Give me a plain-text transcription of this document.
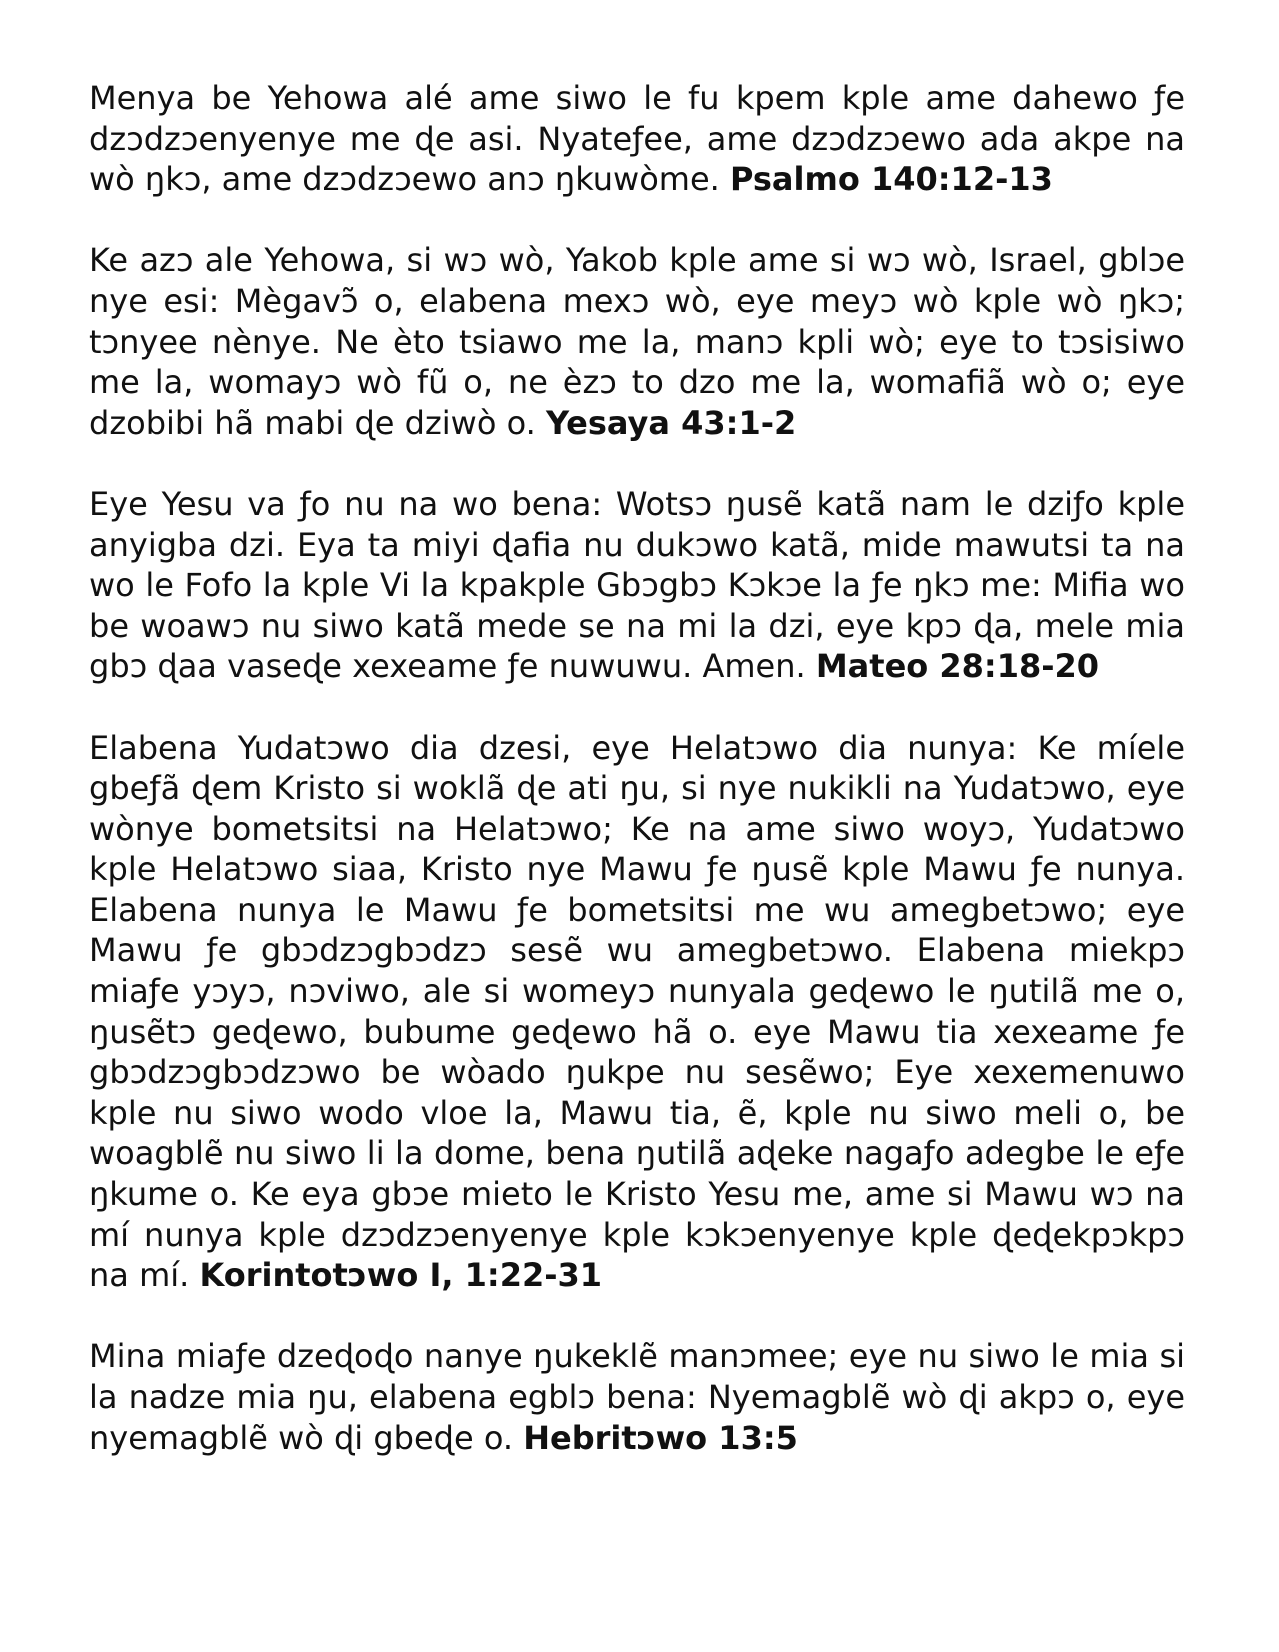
Menya be Yehowa alé ame siwo le fu kpem kple ame dahewo ƒe dzɔdzɔenyenye me ɖe asi. Nyateƒee, ame dzɔdzɔewo ada akpe na wò ŋkɔ, ame dzɔdzɔewo anɔ ŋkuwòme. Psalmo 140:12-13

Ke azɔ ale Yehowa, si wɔ wò, Yakob kple ame si wɔ wò, Israel, gblɔe nye esi: Mègavɔ̃ o, elabena mexɔ wò, eye meyɔ wò kple wò ŋkɔ; tɔnyee nènye. Ne èto tsiawo me la, manɔ kpli wò; eye to tɔsisiwo me la, womayɔ wò fũ o, ne èzɔ to dzo me la, womafiã wò o; eye dzobibi hã mabi ɖe dziwò o. Yesaya 43:1-2

Eye Yesu va ƒo nu na wo bena: Wotsɔ ŋusẽ katã nam le dziƒo kple anyigba dzi. Eya ta miyi ɖafia nu dukɔwo katã, mide mawutsi ta na wo le Fofo la kple Vi la kpakple Gbɔgbɔ Kɔkɔe la ƒe ŋkɔ me: Mifia wo be woawɔ nu siwo katã mede se na mi la dzi, eye kpɔ ɖa, mele mia gbɔ ɖaa vaseɖe xexeame ƒe nuwuwu. Amen. Mateo 28:18-20

Elabena Yudatɔwo dia dzesi, eye Helatɔwo dia nunya: Ke míele gbeƒã ɖem Kristo si woklã ɖe ati ŋu, si nye nukikli na Yudatɔwo, eye wònye bometsitsi na Helatɔwo; Ke na ame siwo woyɔ, Yudatɔwo kple Helatɔwo siaa, Kristo nye Mawu ƒe ŋusẽ kple Mawu ƒe nunya. Elabena nunya le Mawu ƒe bometsitsi me wu amegbetɔwo; eye Mawu ƒe gbɔdzɔgbɔdzɔ sesẽ wu amegbetɔwo. Elabena miekpɔ miaƒe yɔyɔ, nɔviwo, ale si womeyɔ nunyala geɖewo le ŋutilã me o, ŋusẽtɔ geɖewo, bubume geɖewo hã o. eye Mawu tia xexeame ƒe gbɔdzɔgbɔdzɔwo be wòado ŋukpe nu sesẽwo; Eye xexemenuwo kple nu siwo wodo vloe la, Mawu tia, ẽ, kple nu siwo meli o, be woagblẽ nu siwo li la dome, bena ŋutilã aɖeke nagaƒo adegbe le eƒe ŋkume o. Ke eya gbɔe mieto le Kristo Yesu me, ame si Mawu wɔ na mí nunya kple dzɔdzɔenyenye kple kɔkɔenyenye kple ɖeɖekpɔkpɔ na mí. Korintotɔwo I, 1:22-31

Mina miaƒe dzeɖoɖo nanye ŋukeklẽ manɔmee; eye nu siwo le mia si la nadze mia ŋu, elabena egblɔ bena: Nyemagblẽ wò ɖi akpɔ o, eye nyemagblẽ wò ɖi gbeɖe o. Hebritɔwo 13:5
